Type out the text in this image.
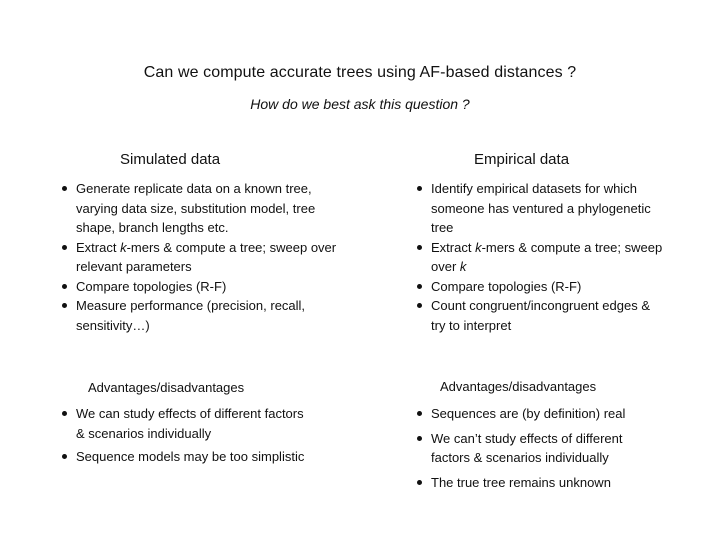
Can we compute accurate trees using AF-based distances ?
How do we best ask this question ?
Simulated data
Generate replicate data on a known tree, varying data size, substitution model, tree shape, branch lengths etc.
Extract k-mers & compute a tree; sweep over relevant parameters
Compare topologies (R-F)
Measure performance (precision, recall, sensitivity…)
Advantages/disadvantages
We can study effects of different factors & scenarios individually
Sequence models may be too simplistic
Empirical data
Identify empirical datasets for which someone has ventured a phylogenetic tree
Extract k-mers & compute a tree; sweep over k
Compare topologies (R-F)
Count congruent/incongruent edges & try to interpret
Advantages/disadvantages
Sequences are (by definition) real
We can’t study effects of different factors & scenarios individually
The true tree remains unknown
